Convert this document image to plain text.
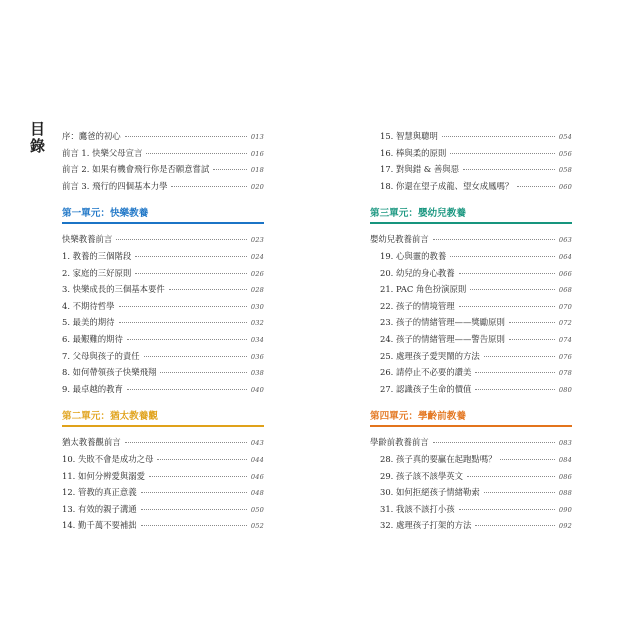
目錄
序：鷹爸的初心	013
前言 1. 快樂父母宣言	016
前言 2. 如果有機會飛行你是否願意嘗試	018
前言 3. 飛行的四個基本力學	020
第一單元：快樂教養
快樂教養前言	023
1. 教養的三個階段	024
2. 家庭的三好原則	026
3. 快樂成長的三個基本要件	028
4. 不期待哲學	030
5. 最美的期待	032
6. 最艱難的期待	034
7. 父母與孩子的責任	036
8. 如何帶領孩子快樂飛翔	038
9. 最卓越的教育	040
第二單元：猶太教養觀
猶太教養觀前言	043
10. 失敗不會是成功之母	044
11. 如何分辨愛與溺愛	046
12. 管教的真正意義	048
13. 有效的親子溝通	050
14. 勤千萬不要補拙	052
15. 智慧與聰明	054
16. 棒與柔的原則	056
17. 對與錯 & 善與惡	058
18. 你還在望子成龍、望女成鳳嗎？	060
第三單元：嬰幼兒教養
嬰幼兒教養前言	063
19. 心與靈的教養	064
20. 幼兒的身心教養	066
21. PAC 角色扮演原則	068
22. 孩子的情境管理	070
23. 孩子的情緒管理——獎勵原則	072
24. 孩子的情緒管理——警告原則	074
25. 處理孩子愛哭鬧的方法	076
26. 請停止不必要的讚美	078
27. 認識孩子生命的價值	080
第四單元：學齡前教養
學齡前教養前言	083
28. 孩子真的要贏在起跑點嗎？	084
29. 孩子該不該學英文	086
30. 如何拒絕孩子情緒勒索	088
31. 我該不該打小孩	090
32. 處理孩子打架的方法	092
